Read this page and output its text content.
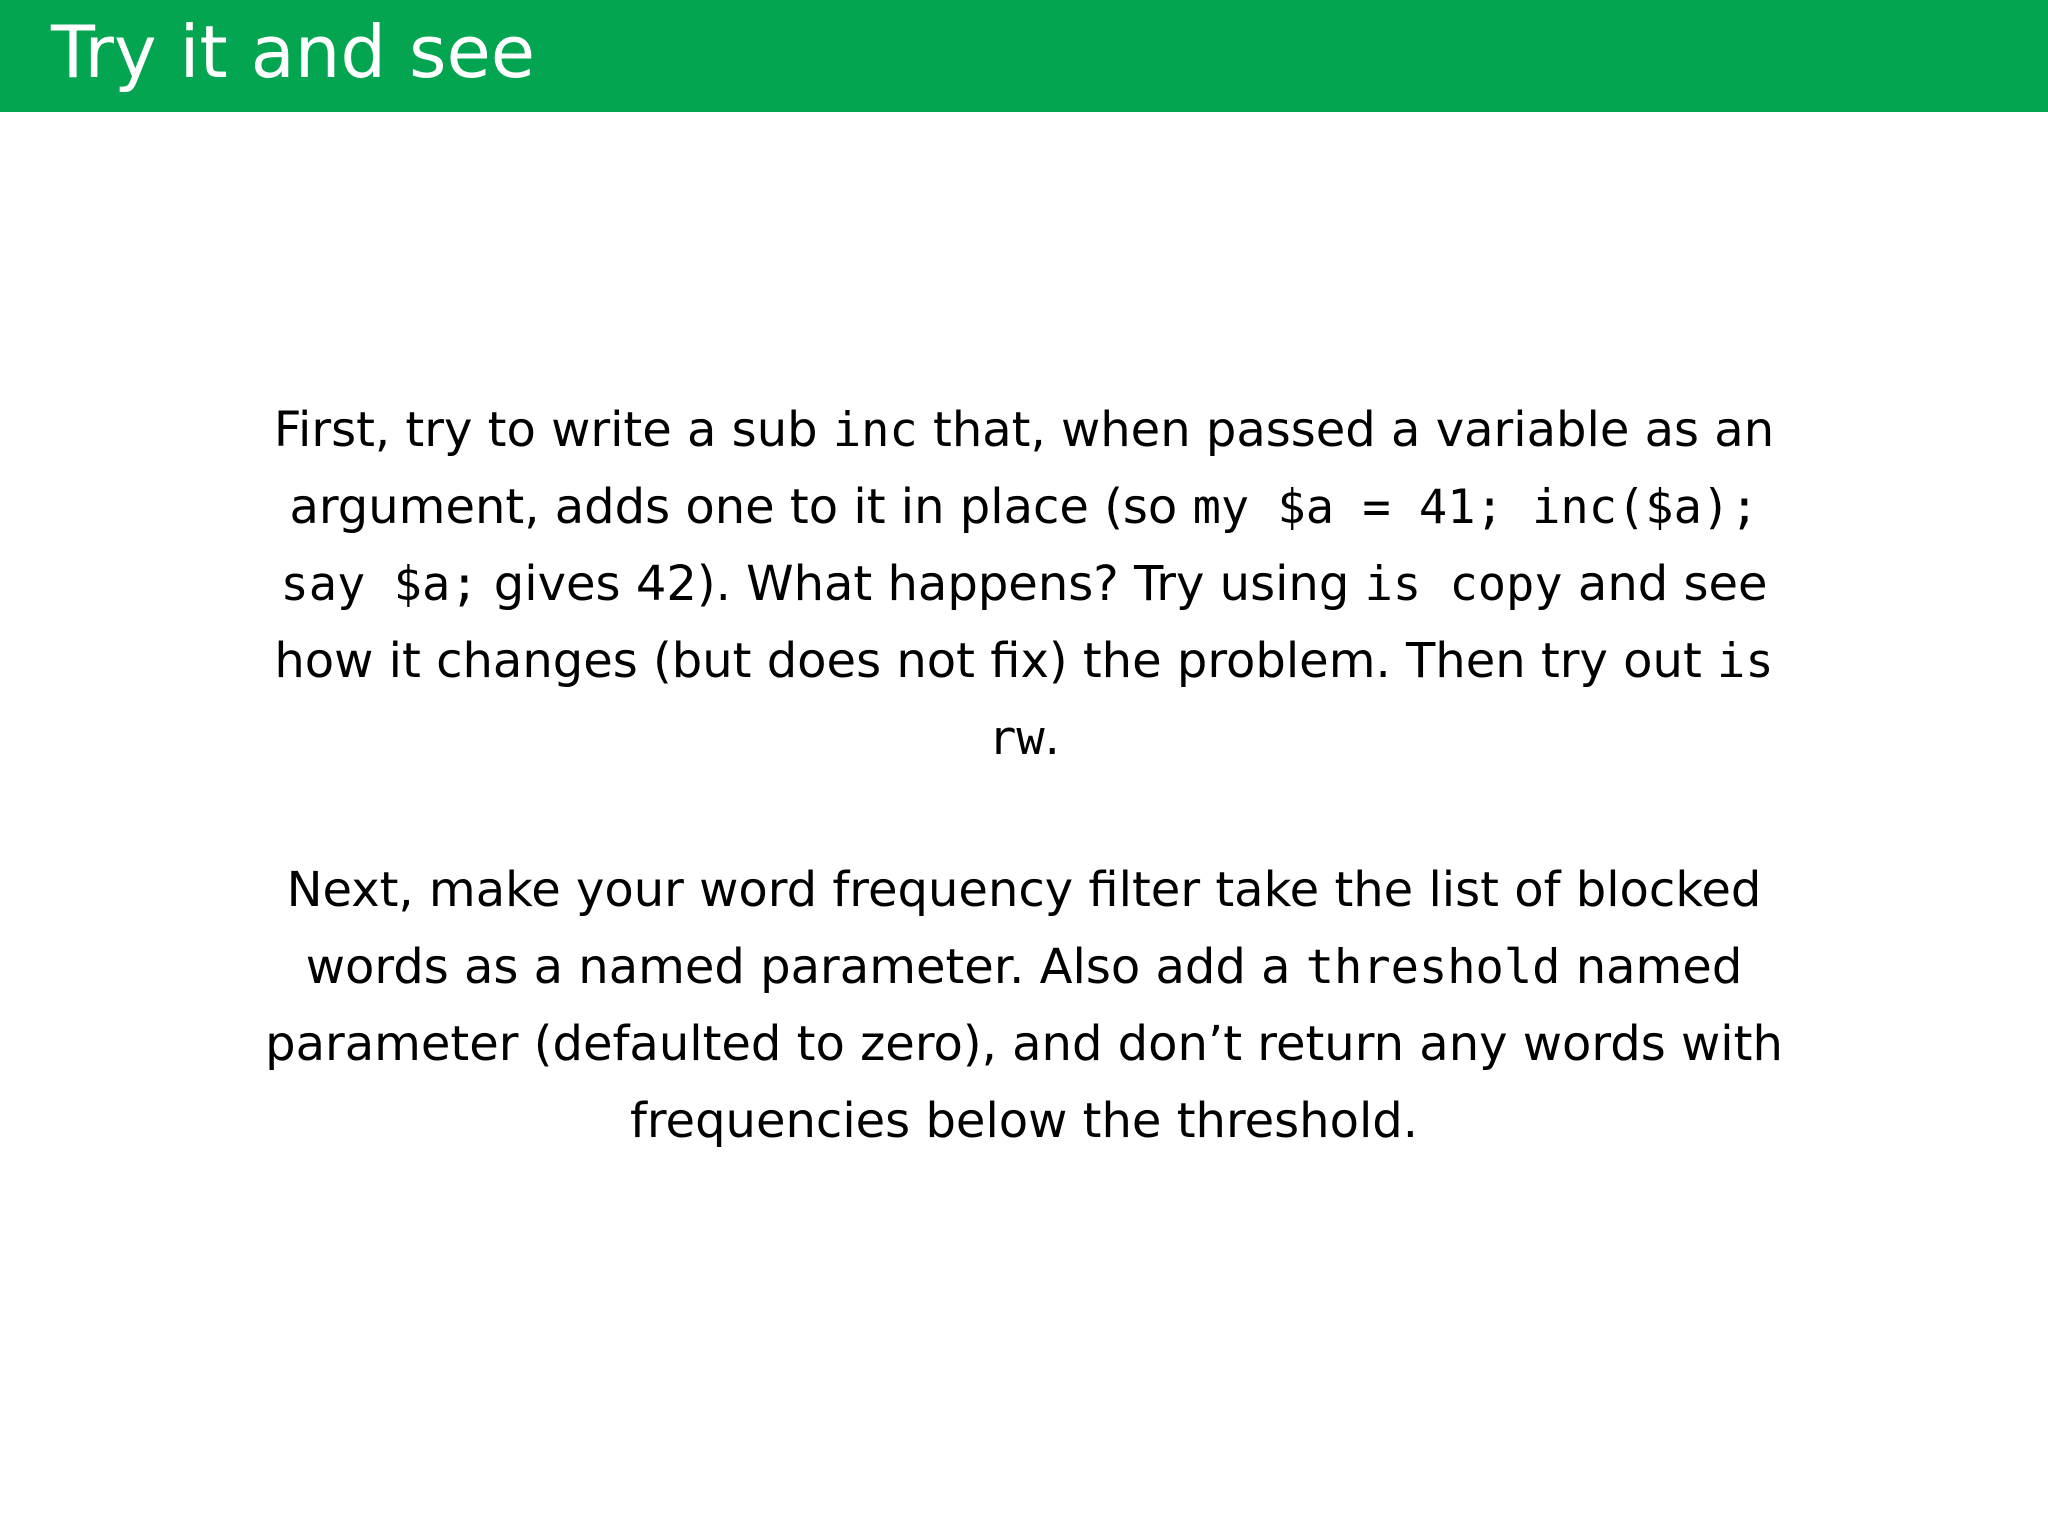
Try it and see

First, try to write a sub inc that, when passed a variable as an
argument, adds one to it in place (so my $a = 41; inc($a);
say $a; gives 42). What happens? Try using is copy and see
how it changes (but does not fix) the problem. Then try out is
rw.

Next, make your word frequency filter take the list of blocked
words as a named parameter. Also add a threshold named
parameter (defaulted to zero), and don’t return any words with
frequencies below the threshold.
